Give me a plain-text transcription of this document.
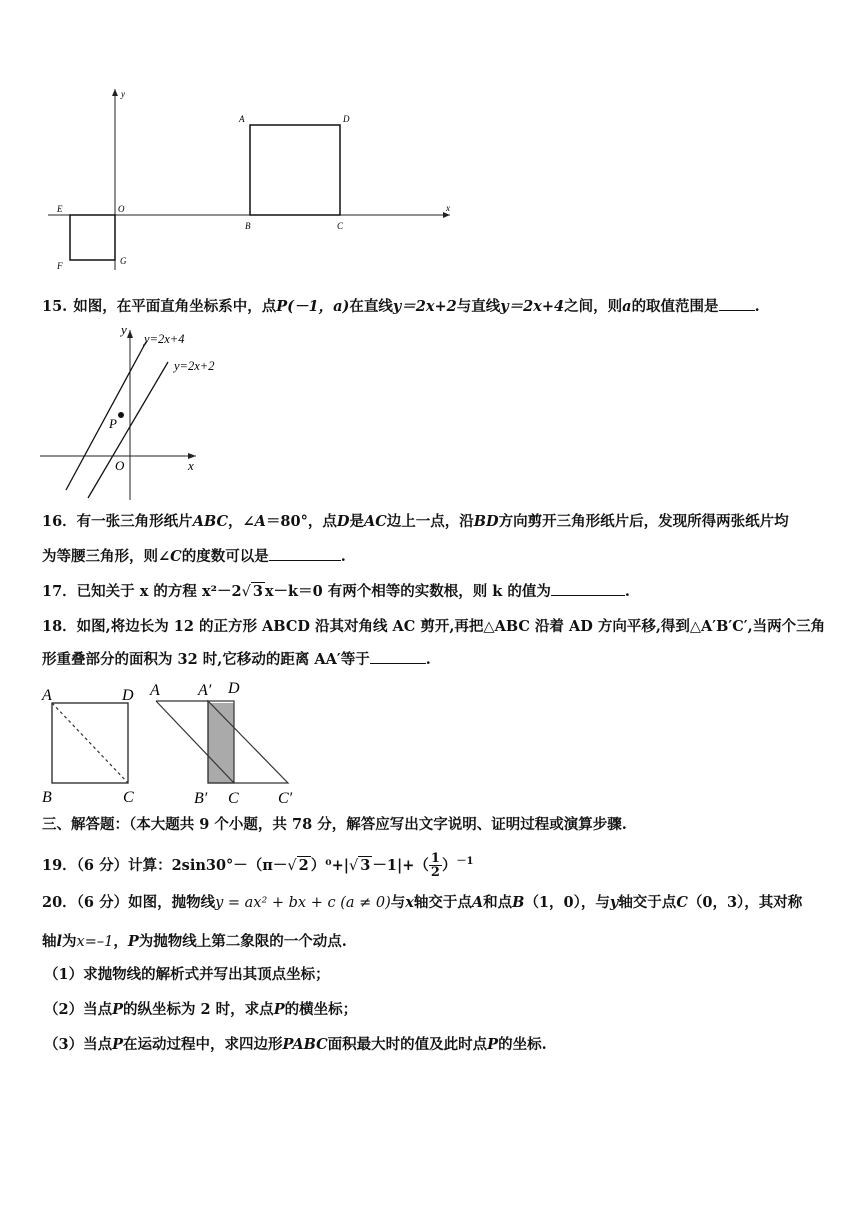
y
x
O
A	D
B	C
E
F	G
15. 如图，在平面直角坐标系中，点P(－1，a)在直线y＝2x+2与直线y＝2x+4之间，则a的取值范围是 .
y
x
O
P
y=2x+4
y=2x+2
16．有一张三角形纸片ABC，∠A＝80°，点D是AC边上一点，沿BD方向剪开三角形纸片后，发现所得两张纸片均
为等腰三角形，则∠C的度数可以是	.
17．已知关于 x 的方程 x²－2√ 3 x－k＝0 有两个相等的实数根，则 k 的值为	.
18．如图,将边长为 12 的正方形 ABCD 沿其对角线 AC 剪开,再把△ABC 沿着 AD 方向平移,得到△A′B′C′,当两个三角
形重叠部分的面积为 32 时,它移动的距离 AA′等于	.
A	D
B	C
A A′ D
B′ C C′
三、解答题：（本大题共 9 个小题，共 78 分，解答应写出文字说明、证明过程或演算步骤.
19．（6 分）计算：2sin30°－（π－√ 2 ）⁰+|√ $3 -1|+( \frac{1}{2} )^{-1}$
20．（6 分）如图，抛物线y = ax² + bx + c (a ≠ 0)与x轴交于点A和点B（1，0），与y轴交于点C（0，3），其对称
轴l为x=–1，P为抛物线上第二象限的一个动点.
（1）求抛物线的解析式并写出其顶点坐标；
（2）当点P的纵坐标为 2 时，求点P的横坐标；
（3）当点P在运动过程中，求四边形PABC面积最大时的值及此时点P的坐标.
